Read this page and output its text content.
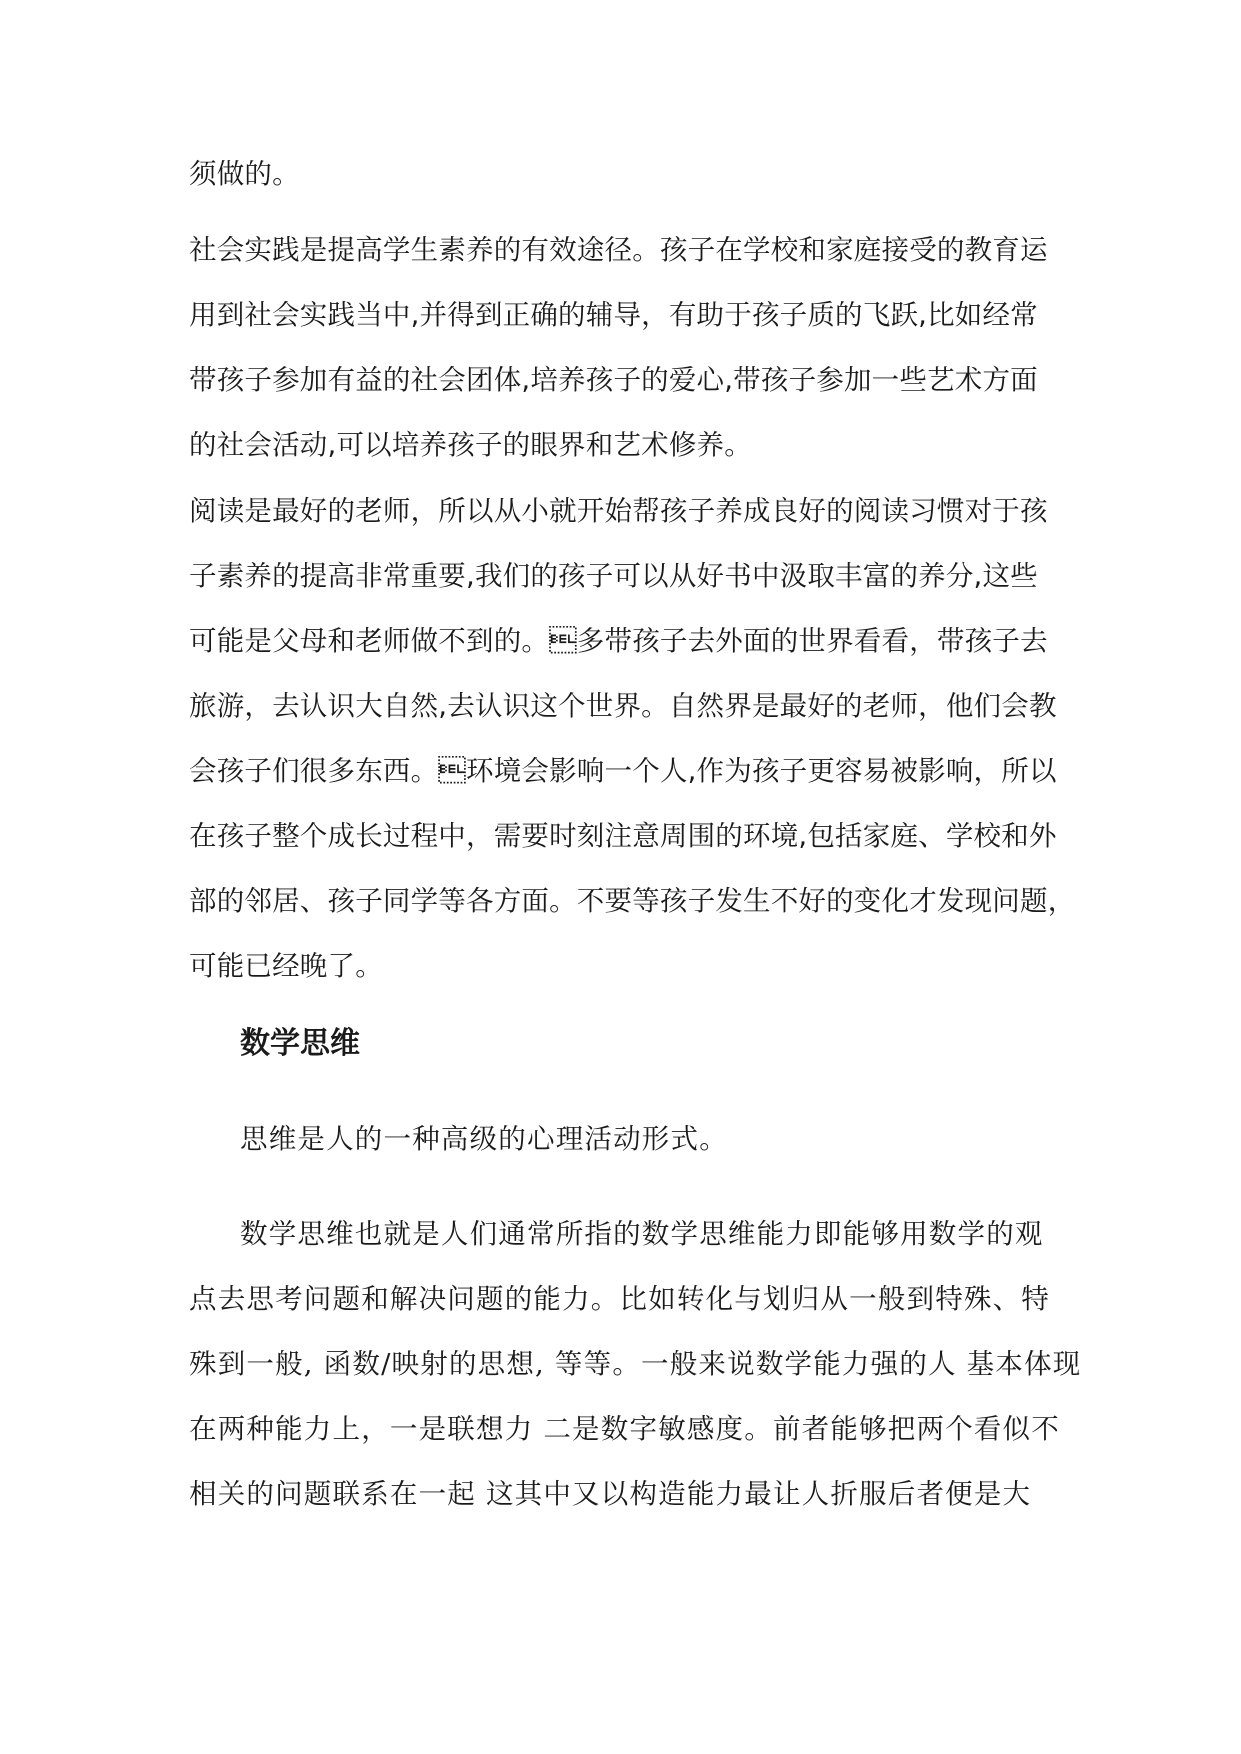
须做的。
社会实践是提高学生素养的有效途径。孩子在学校和家庭接受的教育运
用到社会实践当中,并得到正确的辅导，有助于孩子质的飞跃,比如经常
带孩子参加有益的社会团体,培养孩子的爱心,带孩子参加一些艺术方面
的社会活动,可以培养孩子的眼界和艺术修养。
阅读是最好的老师，所以从小就开始帮孩子养成良好的阅读习惯对于孩
子素养的提高非常重要,我们的孩子可以从好书中汲取丰富的养分,这些
可能是父母和老师做不到的。多带孩子去外面的世界看看，带孩子去
旅游，去认识大自然,去认识这个世界。自然界是最好的老师，他们会教
会孩子们很多东西。环境会影响一个人,作为孩子更容易被影响，所以
在孩子整个成长过程中，需要时刻注意周围的环境,包括家庭、学校和外
部的邻居、孩子同学等各方面。不要等孩子发生不好的变化才发现问题，
可能已经晚了。
数学思维
思维是人的一种高级的心理活动形式。
数学思维也就是人们通常所指的数学思维能力即能够用数学的观
点去思考问题和解决问题的能力。比如转化与划归从一般到特殊、特
殊到一般, 函数/映射的思想, 等等。一般来说数学能力强的人 基本体现
在两种能力上，一是联想力 二是数字敏感度。前者能够把两个看似不
相关的问题联系在一起 这其中又以构造能力最让人折服后者便是大
